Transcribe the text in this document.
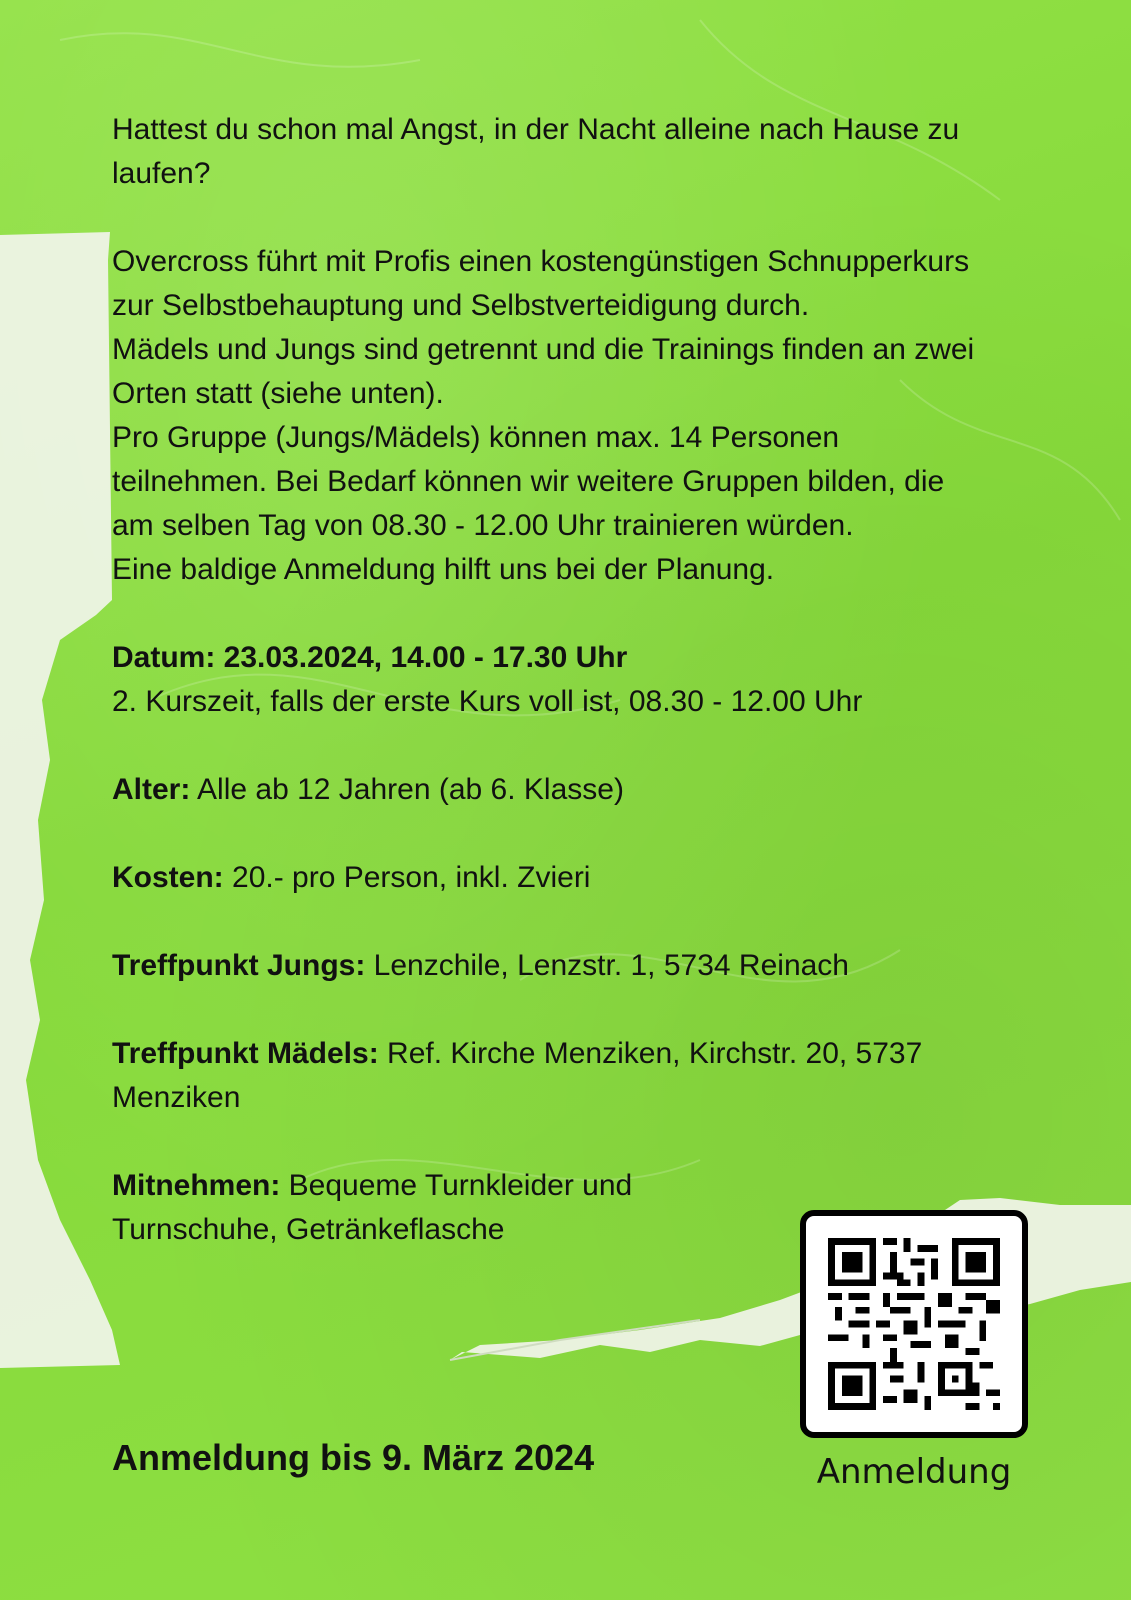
Hattest du schon mal Angst, in der Nacht alleine nach Hause zu laufen?

Overcross führt mit Profis einen kostengünstigen Schnupperkurs zur Selbstbehauptung und Selbstverteidigung durch.

Mädels und Jungs sind getrennt und die Trainings finden an zwei Orten statt (siehe unten).

Pro Gruppe (Jungs/Mädels) können max. 14 Personen teilnehmen. Bei Bedarf können wir weitere Gruppen bilden, die am selben Tag von 08.30 - 12.00 Uhr trainieren würden.

Eine baldige Anmeldung hilft uns bei der Planung.

Datum: 23.03.2024, 14.00 - 17.30 Uhr

2. Kurszeit, falls der erste Kurs voll ist, 08.30 - 12.00 Uhr

Alter: Alle ab 12 Jahren (ab 6. Klasse)

Kosten: 20.- pro Person, inkl. Zvieri

Treffpunkt Jungs: Lenzchile, Lenzstr. 1, 5734 Reinach

Treffpunkt Mädels: Ref. Kirche Menziken, Kirchstr. 20, 5737 Menziken

Mitnehmen: Bequeme Turnkleider und Turnschuhe, Getränkeflasche

Anmeldung bis 9. März 2024	Anmeldung
